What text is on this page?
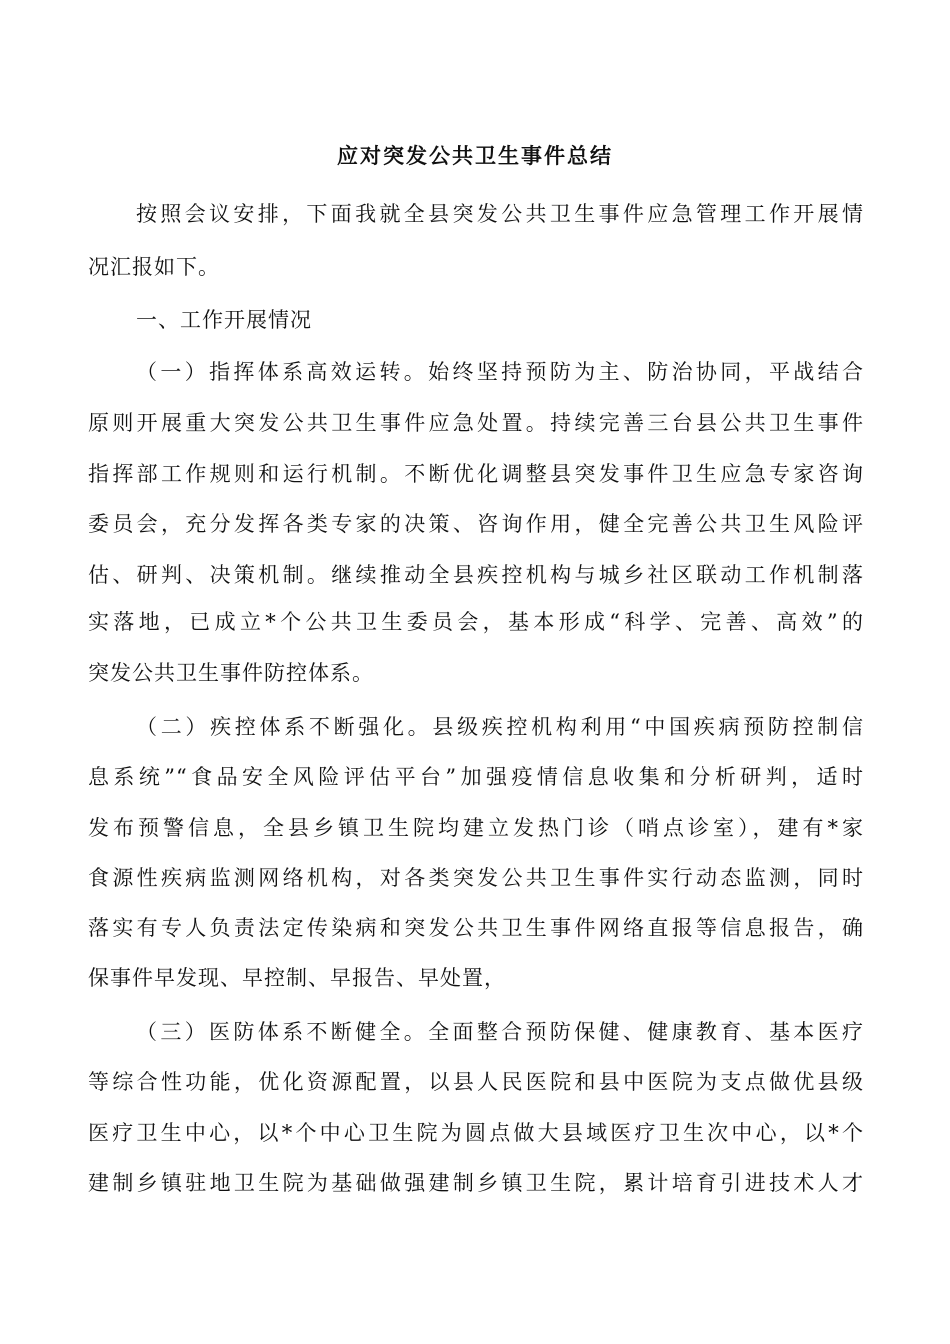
应对突发公共卫生事件总结

按照会议安排，下面我就全县突发公共卫生事件应急管理工作开展情

况汇报如下。

一、工作开展情况

（一）指挥体系高效运转。始终坚持预防为主、防治协同，平战结合

原则开展重大突发公共卫生事件应急处置。持续完善三台县公共卫生事件

指挥部工作规则和运行机制。不断优化调整县突发事件卫生应急专家咨询

委员会，充分发挥各类专家的决策、咨询作用，健全完善公共卫生风险评

估、研判、决策机制。继续推动全县疾控机构与城乡社区联动工作机制落

实落地，已成立*个公共卫生委员会，基本形成“科学、完善、高效”的

突发公共卫生事件防控体系。

（二）疾控体系不断强化。县级疾控机构利用“中国疾病预防控制信

息系统”“食品安全风险评估平台”加强疫情信息收集和分析研判，适时

发布预警信息，全县乡镇卫生院均建立发热门诊（哨点诊室），建有*家

食源性疾病监测网络机构，对各类突发公共卫生事件实行动态监测，同时

落实有专人负责法定传染病和突发公共卫生事件网络直报等信息报告，确

保事件早发现、早控制、早报告、早处置，

（三）医防体系不断健全。全面整合预防保健、健康教育、基本医疗

等综合性功能，优化资源配置，以县人民医院和县中医院为支点做优县级

医疗卫生中心，以*个中心卫生院为圆点做大县域医疗卫生次中心，以*个

建制乡镇驻地卫生院为基础做强建制乡镇卫生院，累计培育引进技术人才
